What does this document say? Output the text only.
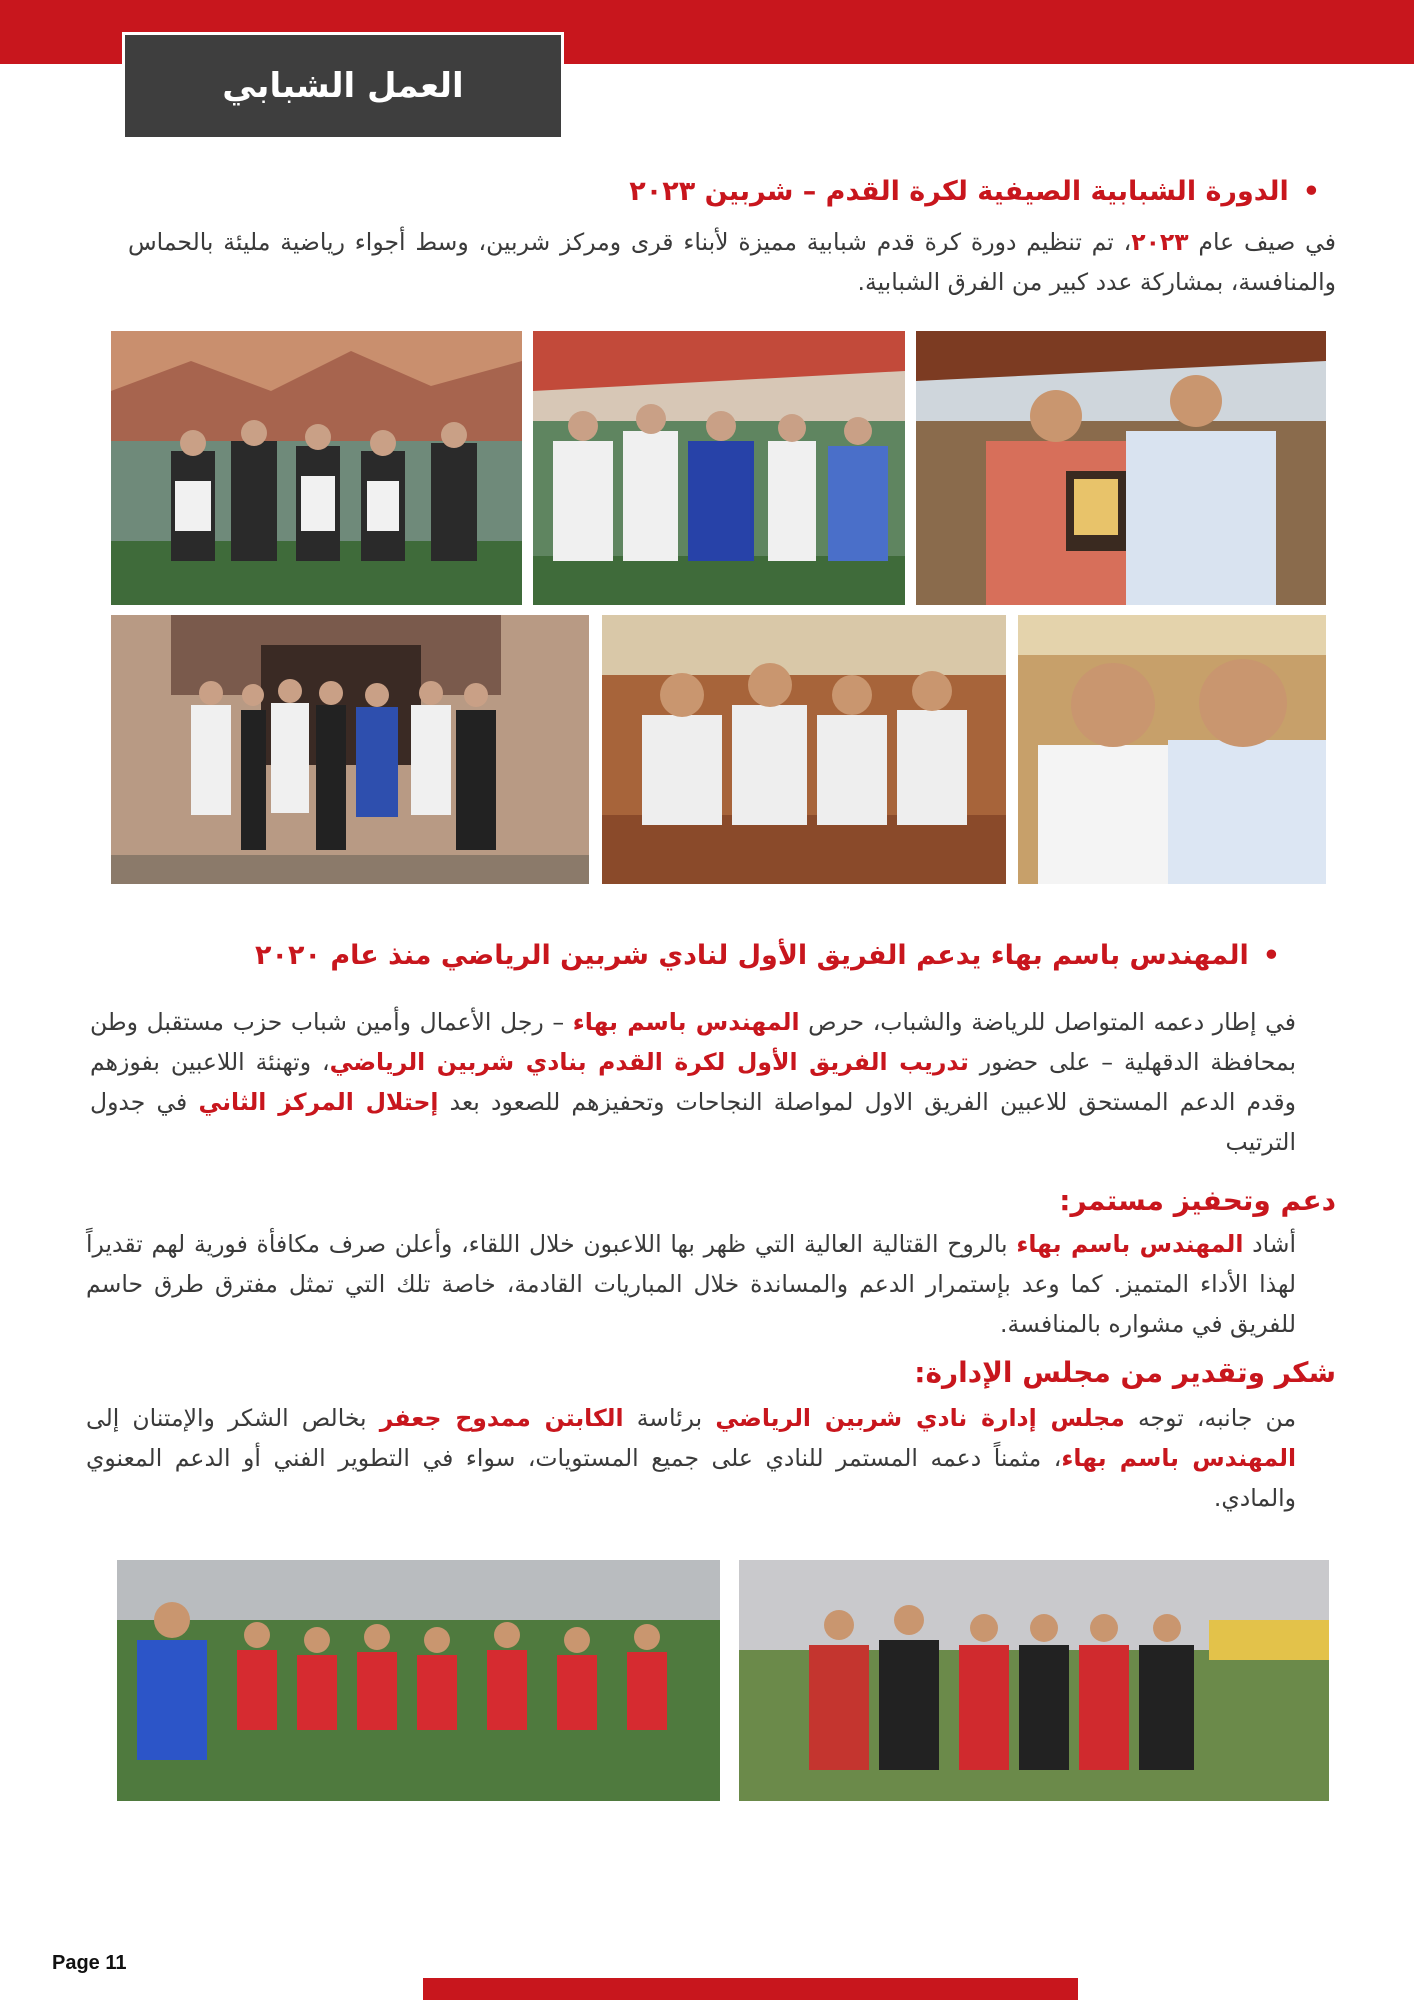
العمل الشبابي
•الدورة الشبابية الصيفية لكرة القدم – شربين ٢٠٢٣

في صيف عام ٢٠٢٣، تم تنظيم دورة كرة قدم شبابية مميزة لأبناء قرى ومركز شربين، وسط أجواء رياضية مليئة بالحماس والمنافسة، بمشاركة عدد كبير من الفرق الشبابية.

•المهندس باسم بهاء يدعم الفريق الأول لنادي شربين الرياضي منذ عام ٢٠٢٠

في إطار دعمه المتواصل للرياضة والشباب، حرص المهندس باسم بهاء – رجل الأعمال وأمين شباب حزب مستقبل وطن بمحافظة الدقهلية – على حضور تدريب الفريق الأول لكرة القدم بنادي شربين الرياضي، وتهنئة اللاعبين بفوزهم وقدم الدعم المستحق للاعبين الفريق الاول لمواصلة النجاحات وتحفيزهم للصعود بعد إحتلال المركز الثاني في جدول الترتيب

دعم وتحفيز مستمر:

أشاد المهندس باسم بهاء بالروح القتالية العالية التي ظهر بها اللاعبون خلال اللقاء، وأعلن صرف مكافأة فورية لهم تقديراً لهذا الأداء المتميز. كما وعد بإستمرار الدعم والمساندة خلال المباريات القادمة، خاصة تلك التي تمثل مفترق طرق حاسم للفريق في مشواره بالمنافسة.

شكر وتقدير من مجلس الإدارة:

من جانبه، توجه مجلس إدارة نادي شربين الرياضي برئاسة الكابتن ممدوح جعفر بخالص الشكر والإمتنان إلى المهندس باسم بهاء، مثمناً دعمه المستمر للنادي على جميع المستويات، سواء في التطوير الفني أو الدعم المعنوي والمادي.

Page 11
